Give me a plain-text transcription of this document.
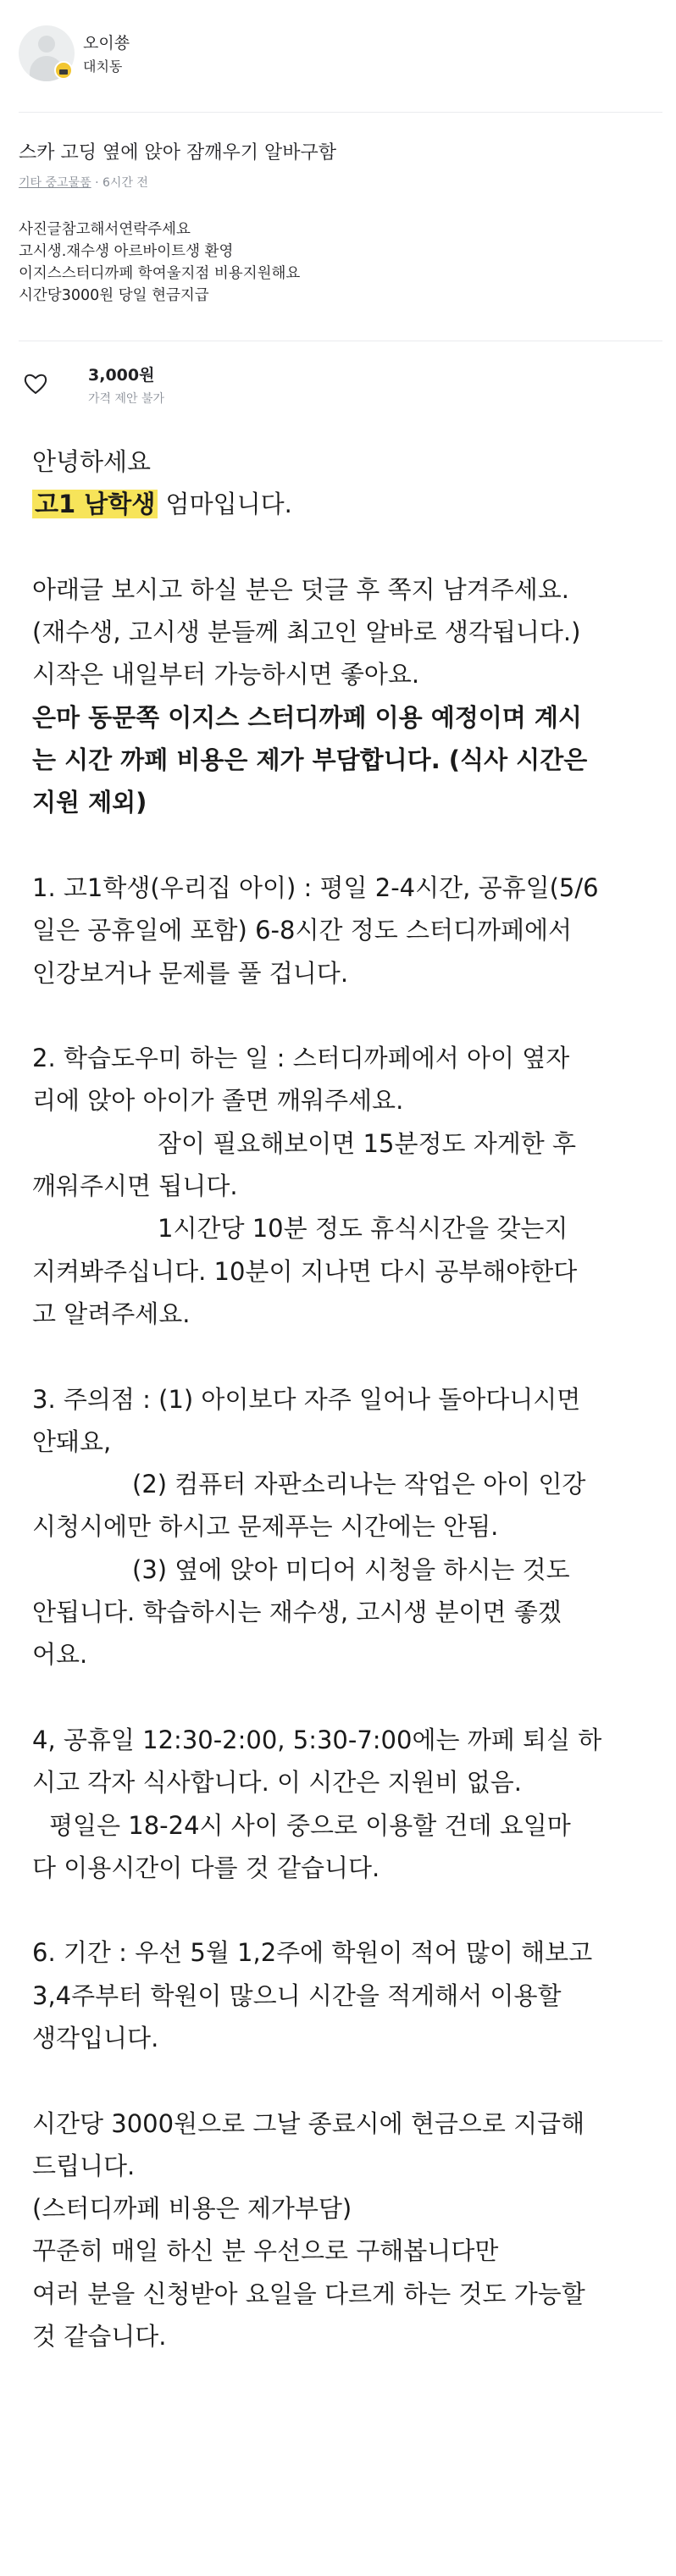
오이쑝
대치동
스카 고딩 옆에 앉아 잠깨우기 알바구함
기타 중고물품 · 6시간 전
사진글참고해서연락주세요
고시생.재수생 아르바이트생 환영
이지스스터디까페 학여울지점 비용지원해요
시간당3000원 당일 현금지급
3,000원
가격 제안 불가
안녕하세요
고1 남학생 엄마입니다.
아래글 보시고 하실 분은 덧글 후 쪽지 남겨주세요.
(재수생, 고시생 분들께 최고인 알바로 생각됩니다.)
시작은 내일부터 가능하시면 좋아요.
은마 동문쪽 이지스 스터디까페 이용 예정이며 계시
는 시간 까페 비용은 제가 부담합니다. (식사 시간은
지원 제외)
1. 고1학생(우리집 아이) : 평일 2-4시간, 공휴일(5/6
일은 공휴일에 포함) 6-8시간 정도 스터디까페에서
인강보거나 문제를 풀 겁니다.
2. 학습도우미 하는 일 : 스터디까페에서 아이 옆자
리에 앉아 아이가 졸면 깨워주세요.
잠이 필요해보이면 15분정도 자게한 후
깨워주시면 됩니다.
1시간당 10분 정도 휴식시간을 갖는지
지켜봐주십니다. 10분이 지나면 다시 공부해야한다
고 알려주세요.
3. 주의점 : (1) 아이보다 자주 일어나 돌아다니시면
안돼요,
(2) 컴퓨터 자판소리나는 작업은 아이 인강
시청시에만 하시고 문제푸는 시간에는 안됨.
(3) 옆에 앉아 미디어 시청을 하시는 것도
안됩니다. 학습하시는 재수생, 고시생 분이면 좋겠
어요.
4, 공휴일 12:30-2:00, 5:30-7:00에는 까페 퇴실 하
시고 각자 식사합니다. 이 시간은 지원비 없음.
평일은 18-24시 사이 중으로 이용할 건데 요일마
다 이용시간이 다를 것 같습니다.
6. 기간 : 우선 5월 1,2주에 학원이 적어 많이 해보고
3,4주부터 학원이 많으니 시간을 적게해서 이용할
생각입니다.
시간당 3000원으로 그날 종료시에 현금으로 지급해
드립니다.
(스터디까페 비용은 제가부담)
꾸준히 매일 하신 분 우선으로 구해봅니다만
여러 분을 신청받아 요일을 다르게 하는 것도 가능할
것 같습니다.
